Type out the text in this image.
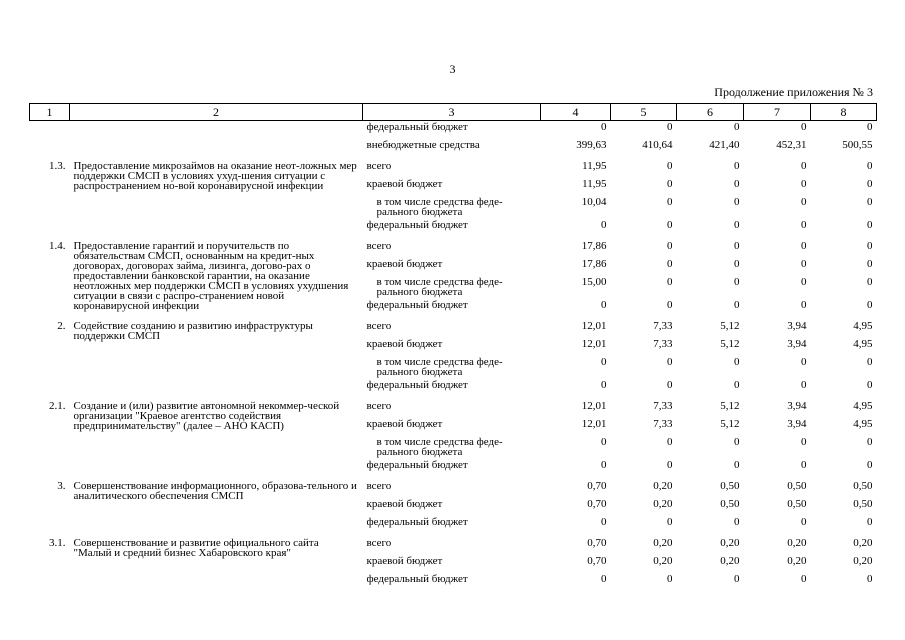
3
Продолжение приложения № 3
1	2	3	4	5	6	7	8
		федеральный бюджет	0	0	0	0	0
		внебюджетные средства	399,63	410,64	421,40	452,31	500,55
1.3.	Предоставление микрозаймов на оказание неот-ложных мер поддержки СМСП в условиях ухуд-шения ситуации с распространением но-вой коронавирусной инфекции	всего	11,95	0	0	0	0
		краевой бюджет	11,95	0	0	0	0
		в том числе средства феде-рального бюджета	10,04	0	0	0	0
		федеральный бюджет	0	0	0	0	0
1.4.	Предоставление гарантий и поручительств по обязательствам СМСП, основанным на кредит-ных договорах, договорах займа, лизинга, догово-рах о предоставлении банковской гарантии, на оказание неотложных мер поддержки СМСП в условиях ухудшения ситуации в связи с распро-странением новой коронавирусной инфекции	всего	17,86	0	0	0	0
		краевой бюджет	17,86	0	0	0	0
		в том числе средства феде-рального бюджета	15,00	0	0	0	0
		федеральный бюджет	0	0	0	0	0
2.	Содействие созданию и развитию инфраструктуры поддержки СМСП	всего	12,01	7,33	5,12	3,94	4,95
		краевой бюджет	12,01	7,33	5,12	3,94	4,95
		в том числе средства феде-рального бюджета	0	0	0	0	0
		федеральный бюджет	0	0	0	0	0
2.1.	Создание и (или) развитие автономной некоммер-ческой организации "Краевое агентство содействия предпринимательству" (далее – АНО КАСП)	всего	12,01	7,33	5,12	3,94	4,95
		краевой бюджет	12,01	7,33	5,12	3,94	4,95
		в том числе средства феде-рального бюджета	0	0	0	0	0
		федеральный бюджет	0	0	0	0	0
3.	Совершенствование информационного, образова-тельного и аналитического обеспечения СМСП	всего	0,70	0,20	0,50	0,50	0,50
		краевой бюджет	0,70	0,20	0,50	0,50	0,50
		федеральный бюджет	0	0	0	0	0
3.1.	Совершенствование и развитие официального сайта "Малый и средний бизнес Хабаровского края"	всего	0,70	0,20	0,20	0,20	0,20
		краевой бюджет	0,70	0,20	0,20	0,20	0,20
		федеральный бюджет	0	0	0	0	0
